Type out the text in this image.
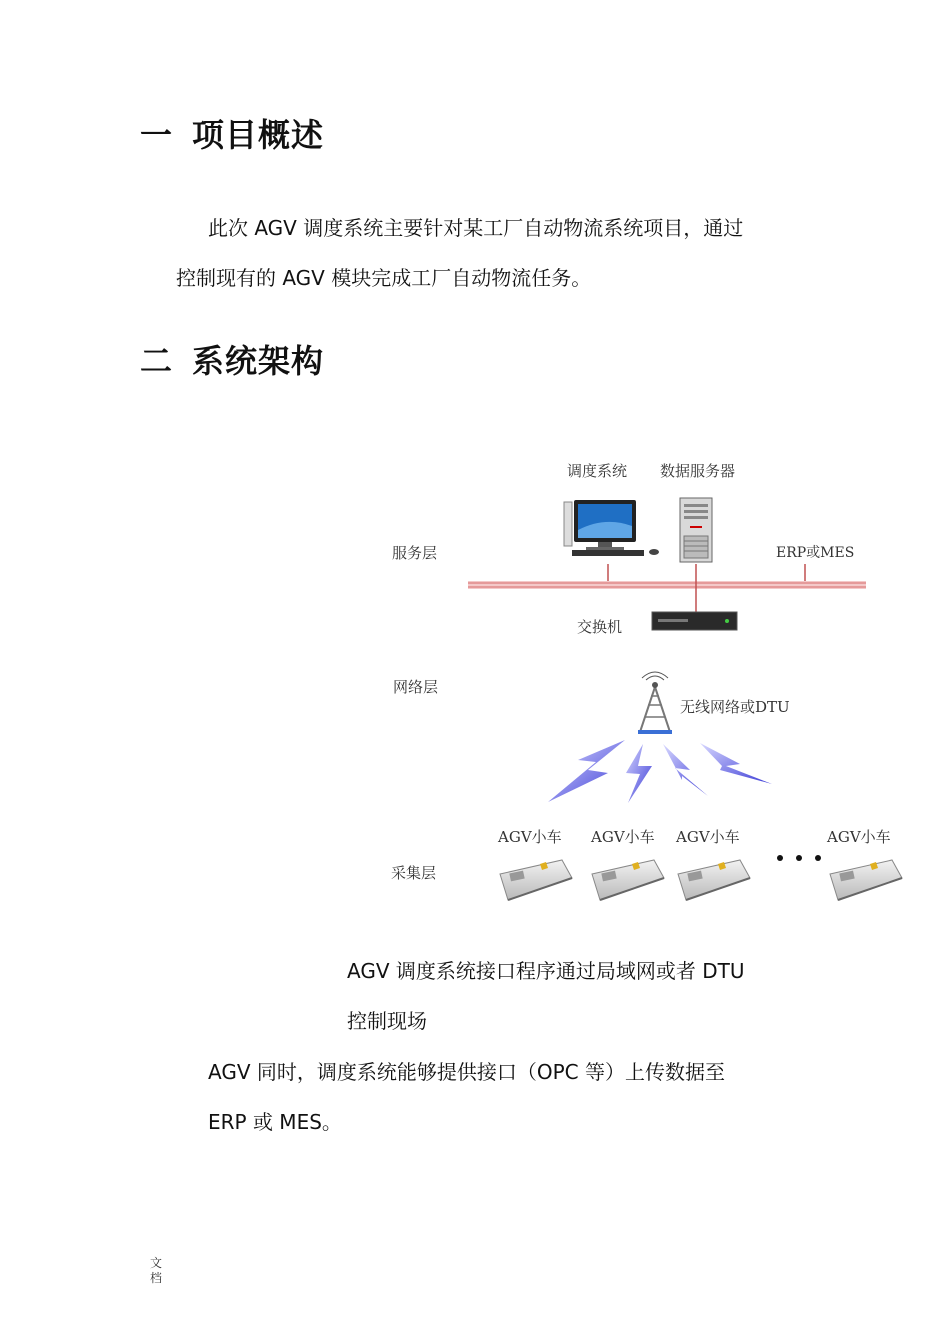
一 项目概述

此次 AGV 调度系统主要针对某工厂自动物流系统项目，通过

控制现有的 AGV 模块完成工厂自动物流任务。

二 系统架构
调度系统 数据服务器
服务层	ERP或MES
交换机
网络层
无线网络或DTU
AGV小车 AGV小车 AGV小车	AGV小车
采集层

AGV 调度系统接口程序通过局域网或者 DTU

控制现场

AGV 同时，调度系统能够提供接口（OPC 等）上传数据至

ERP 或 MES。

文档
